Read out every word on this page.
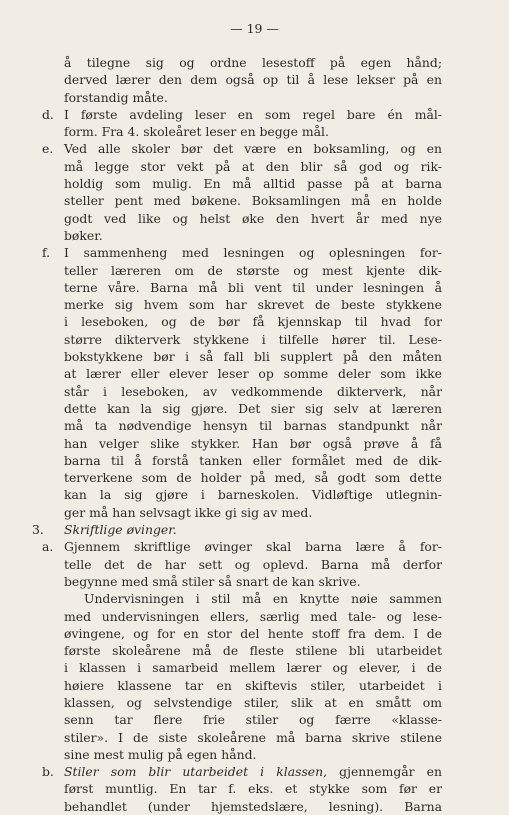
— 19 —
å tilegne sig og ordne lesestoff på egen hånd;
derved lærer den dem også op til å lese lekser på en
forstandig måte.
d. I første avdeling leser en som regel bare én mål-
form. Fra 4. skoleåret leser en begge mål.
e. Ved alle skoler bør det være en boksamling, og en
må legge stor vekt på at den blir så god og rik-
holdig som mulig. En må alltid passe på at barna
steller pent med bøkene. Boksamlingen må en holde
godt ved like og helst øke den hvert år med nye
bøker.
f. I sammenheng med lesningen og oplesningen for-
teller læreren om de største og mest kjente dik-
terne våre. Barna må bli vent til under lesningen å
merke sig hvem som har skrevet de beste stykkene
i leseboken, og de bør få kjennskap til hvad for
større dikterverk stykkene i tilfelle hører til. Lese-
bokstykkene bør i så fall bli supplert på den måten
at lærer eller elever leser op somme deler som ikke
står i leseboken, av vedkommende dikterverk, når
dette kan la sig gjøre. Det sier sig selv at læreren
må ta nødvendige hensyn til barnas standpunkt når
han velger slike stykker. Han bør også prøve å få
barna til å forstå tanken eller formålet med de dik-
terverkene som de holder på med, så godt som dette
kan la sig gjøre i barneskolen. Vidløftige utlegnin-
ger må han selvsagt ikke gi sig av med.
3. Skriftlige øvinger.
a. Gjennem skriftlige øvinger skal barna lære å for-
telle det de har sett og oplevd. Barna må derfor
begynne med små stiler så snart de kan skrive.
Undervisningen i stil må en knytte nøie sammen
med undervisningen ellers, særlig med tale- og lese-
øvingene, og for en stor del hente stoff fra dem. I de
første skoleårene må de fleste stilene bli utarbeidet
i klassen i samarbeid mellem lærer og elever, i de
høiere klassene tar en skiftevis stiler, utarbeidet i
klassen, og selvstendige stiler, slik at en smått om
senn tar flere frie stiler og færre «klasse-
stiler». I de siste skoleårene må barna skrive stilene
sine mest mulig på egen hånd.
b. Stiler som blir utarbeidet i klassen, gjennemgår en
først muntlig. En tar f. eks. et stykke som før er
behandlet (under hjemstedslære, lesning). Barna
